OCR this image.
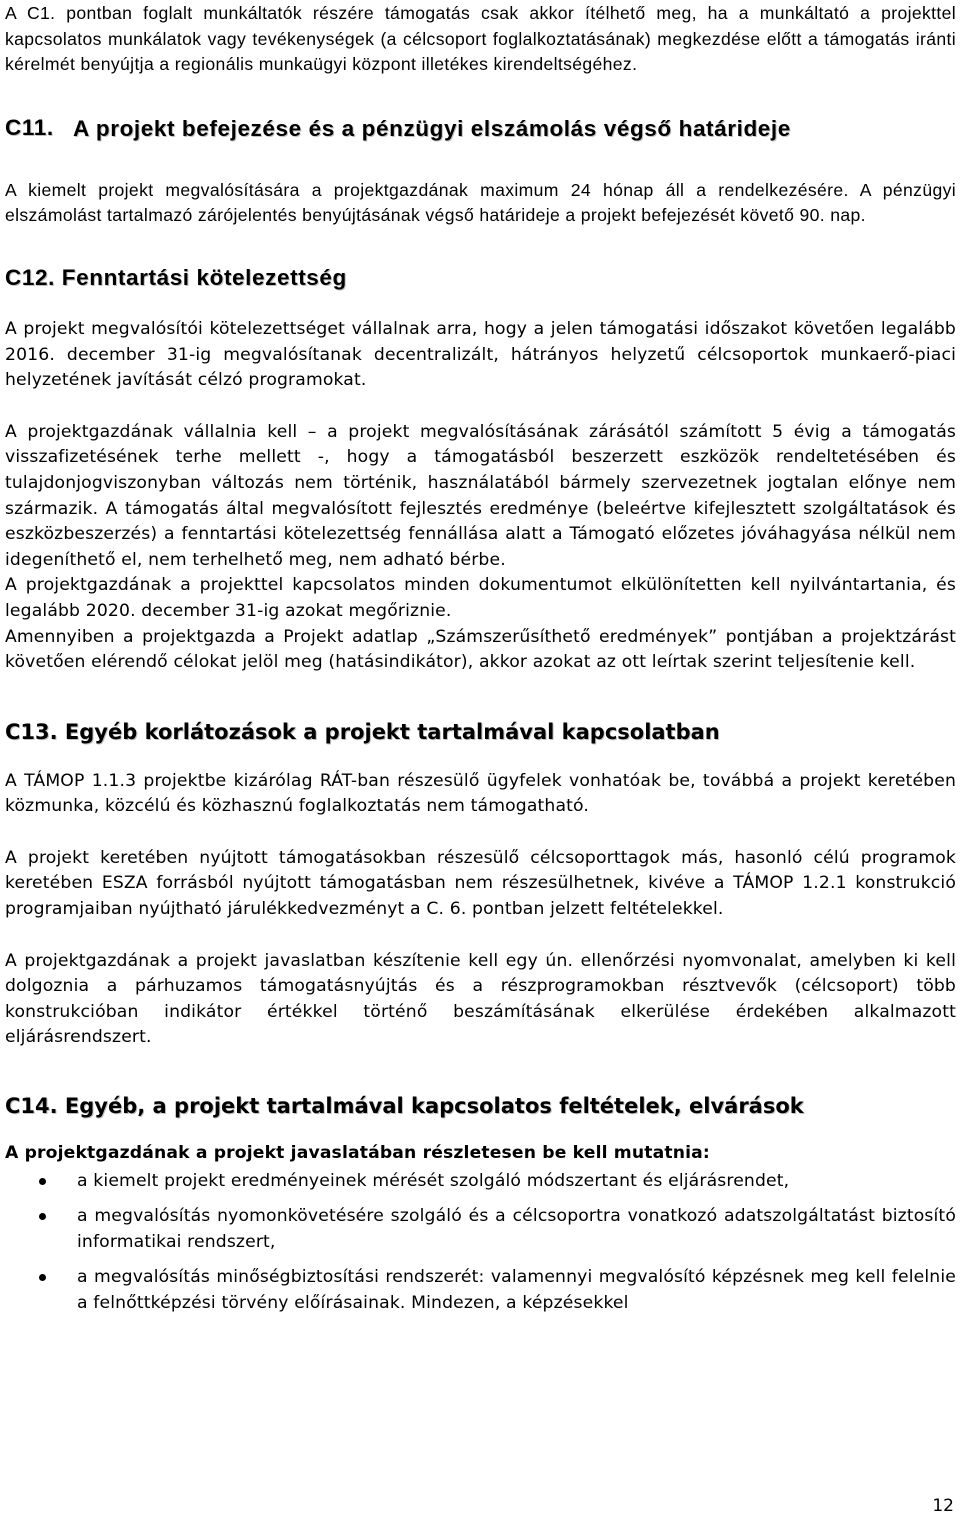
A C1. pontban foglalt munkáltatók részére támogatás csak akkor ítélhető meg, ha a munkáltató a projekttel kapcsolatos munkálatok vagy tevékenységek (a célcsoport foglalkoztatásának) megkezdése előtt a támogatás iránti kérelmét benyújtja a regionális munkaügyi központ illetékes kirendeltségéhez.

C11. A projekt befejezése és a pénzügyi elszámolás végső határideje

A kiemelt projekt megvalósítására a projektgazdának maximum 24 hónap áll a rendelkezésére. A pénzügyi elszámolást tartalmazó zárójelentés benyújtásának végső határideje a projekt befejezését követő 90. nap.

C12. Fenntartási kötelezettség

A projekt megvalósítói kötelezettséget vállalnak arra, hogy a jelen támogatási időszakot követően legalább 2016. december 31-ig megvalósítanak decentralizált, hátrányos helyzetű célcsoportok munkaerő-piaci helyzetének javítását célzó programokat.

A projektgazdának vállalnia kell – a projekt megvalósításának zárásától számított 5 évig a támogatás visszafizetésének terhe mellett -, hogy a támogatásból beszerzett eszközök rendeltetésében és tulajdonjogviszonyban változás nem történik, használatából bármely szervezetnek jogtalan előnye nem származik. A támogatás által megvalósított fejlesztés eredménye (beleértve kifejlesztett szolgáltatások és eszközbeszerzés) a fenntartási kötelezettség fennállása alatt a Támogató előzetes jóváhagyása nélkül nem idegeníthető el, nem terhelhető meg, nem adható bérbe.

A projektgazdának a projekttel kapcsolatos minden dokumentumot elkülönítetten kell nyilvántartania, és legalább 2020. december 31-ig azokat megőriznie.

Amennyiben a projektgazda a Projekt adatlap „Számszerűsíthető eredmények” pontjában a projektzárást követően elérendő célokat jelöl meg (hatásindikátor), akkor azokat az ott leírtak szerint teljesítenie kell.

C13. Egyéb korlátozások a projekt tartalmával kapcsolatban

A TÁMOP 1.1.3 projektbe kizárólag RÁT-ban részesülő ügyfelek vonhatóak be, továbbá a projekt keretében közmunka, közcélú és közhasznú foglalkoztatás nem támogatható.

A projekt keretében nyújtott támogatásokban részesülő célcsoporttagok más, hasonló célú programok keretében ESZA forrásból nyújtott támogatásban nem részesülhetnek, kivéve a TÁMOP 1.2.1 konstrukció programjaiban nyújtható járulékkedvezményt a C. 6. pontban jelzett feltételekkel.

A projektgazdának a projekt javaslatban készítenie kell egy ún. ellenőrzési nyomvonalat, amelyben ki kell dolgoznia a párhuzamos támogatásnyújtás és a részprogramokban résztvevők (célcsoport) több konstrukcióban indikátor értékkel történő beszámításának elkerülése érdekében alkalmazott eljárásrendszert.

C14. Egyéb, a projekt tartalmával kapcsolatos feltételek, elvárások

A projektgazdának a projekt javaslatában részletesen be kell mutatnia:

a kiemelt projekt eredményeinek mérését szolgáló módszertant és eljárásrendet,
a megvalósítás nyomonkövetésére szolgáló és a célcsoportra vonatkozó adatszolgáltatást biztosító informatikai rendszert,
a megvalósítás minőségbiztosítási rendszerét: valamennyi megvalósító képzésnek meg kell felelnie a felnőttképzési törvény előírásainak. Mindezen, a képzésekkel
12
